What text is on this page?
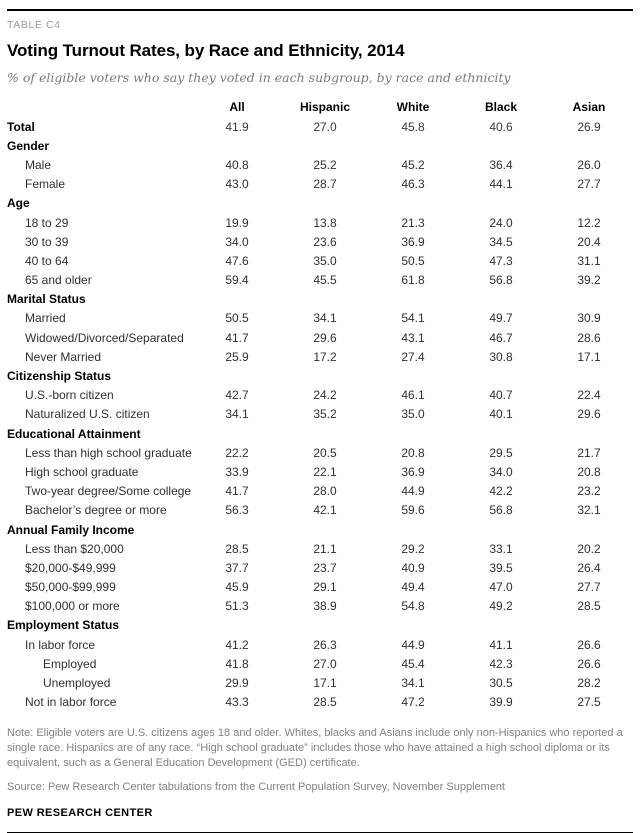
TABLE C4
Voting Turnout Rates, by Race and Ethnicity, 2014
% of eligible voters who say they voted in each subgroup, by race and ethnicity
	All	Hispanic	White	Black	Asian
Total	41.9	27.0	45.8	40.6	26.9
Gender					
Male	40.8	25.2	45.2	36.4	26.0
Female	43.0	28.7	46.3	44.1	27.7
Age					
18 to 29	19.9	13.8	21.3	24.0	12.2
30 to 39	34.0	23.6	36.9	34.5	20.4
40 to 64	47.6	35.0	50.5	47.3	31.1
65 and older	59.4	45.5	61.8	56.8	39.2
Marital Status					
Married	50.5	34.1	54.1	49.7	30.9
Widowed/Divorced/Separated	41.7	29.6	43.1	46.7	28.6
Never Married	25.9	17.2	27.4	30.8	17.1
Citizenship Status					
U.S.-born citizen	42.7	24.2	46.1	40.7	22.4
Naturalized U.S. citizen	34.1	35.2	35.0	40.1	29.6
Educational Attainment					
Less than high school graduate	22.2	20.5	20.8	29.5	21.7
High school graduate	33.9	22.1	36.9	34.0	20.8
Two-year degree/Some college	41.7	28.0	44.9	42.2	23.2
Bachelor’s degree or more	56.3	42.1	59.6	56.8	32.1
Annual Family Income					
Less than $20,000	28.5	21.1	29.2	33.1	20.2
$20,000-$49,999	37.7	23.7	40.9	39.5	26.4
$50,000-$99,999	45.9	29.1	49.4	47.0	27.7
$100,000 or more	51.3	38.9	54.8	49.2	28.5
Employment Status					
In labor force	41.2	26.3	44.9	41.1	26.6
Employed	41.8	27.0	45.4	42.3	26.6
Unemployed	29.9	17.1	34.1	30.5	28.2
Not in labor force	43.3	28.5	47.2	39.9	27.5
Note: Eligible voters are U.S. citizens ages 18 and older. Whites, blacks and Asians include only non-Hispanics who reported a single race. Hispanics are of any race. “High school graduate” includes those who have attained a high school diploma or its equivalent, such as a General Education Development (GED) certificate.
Source: Pew Research Center tabulations from the Current Population Survey, November Supplement
PEW RESEARCH CENTER
